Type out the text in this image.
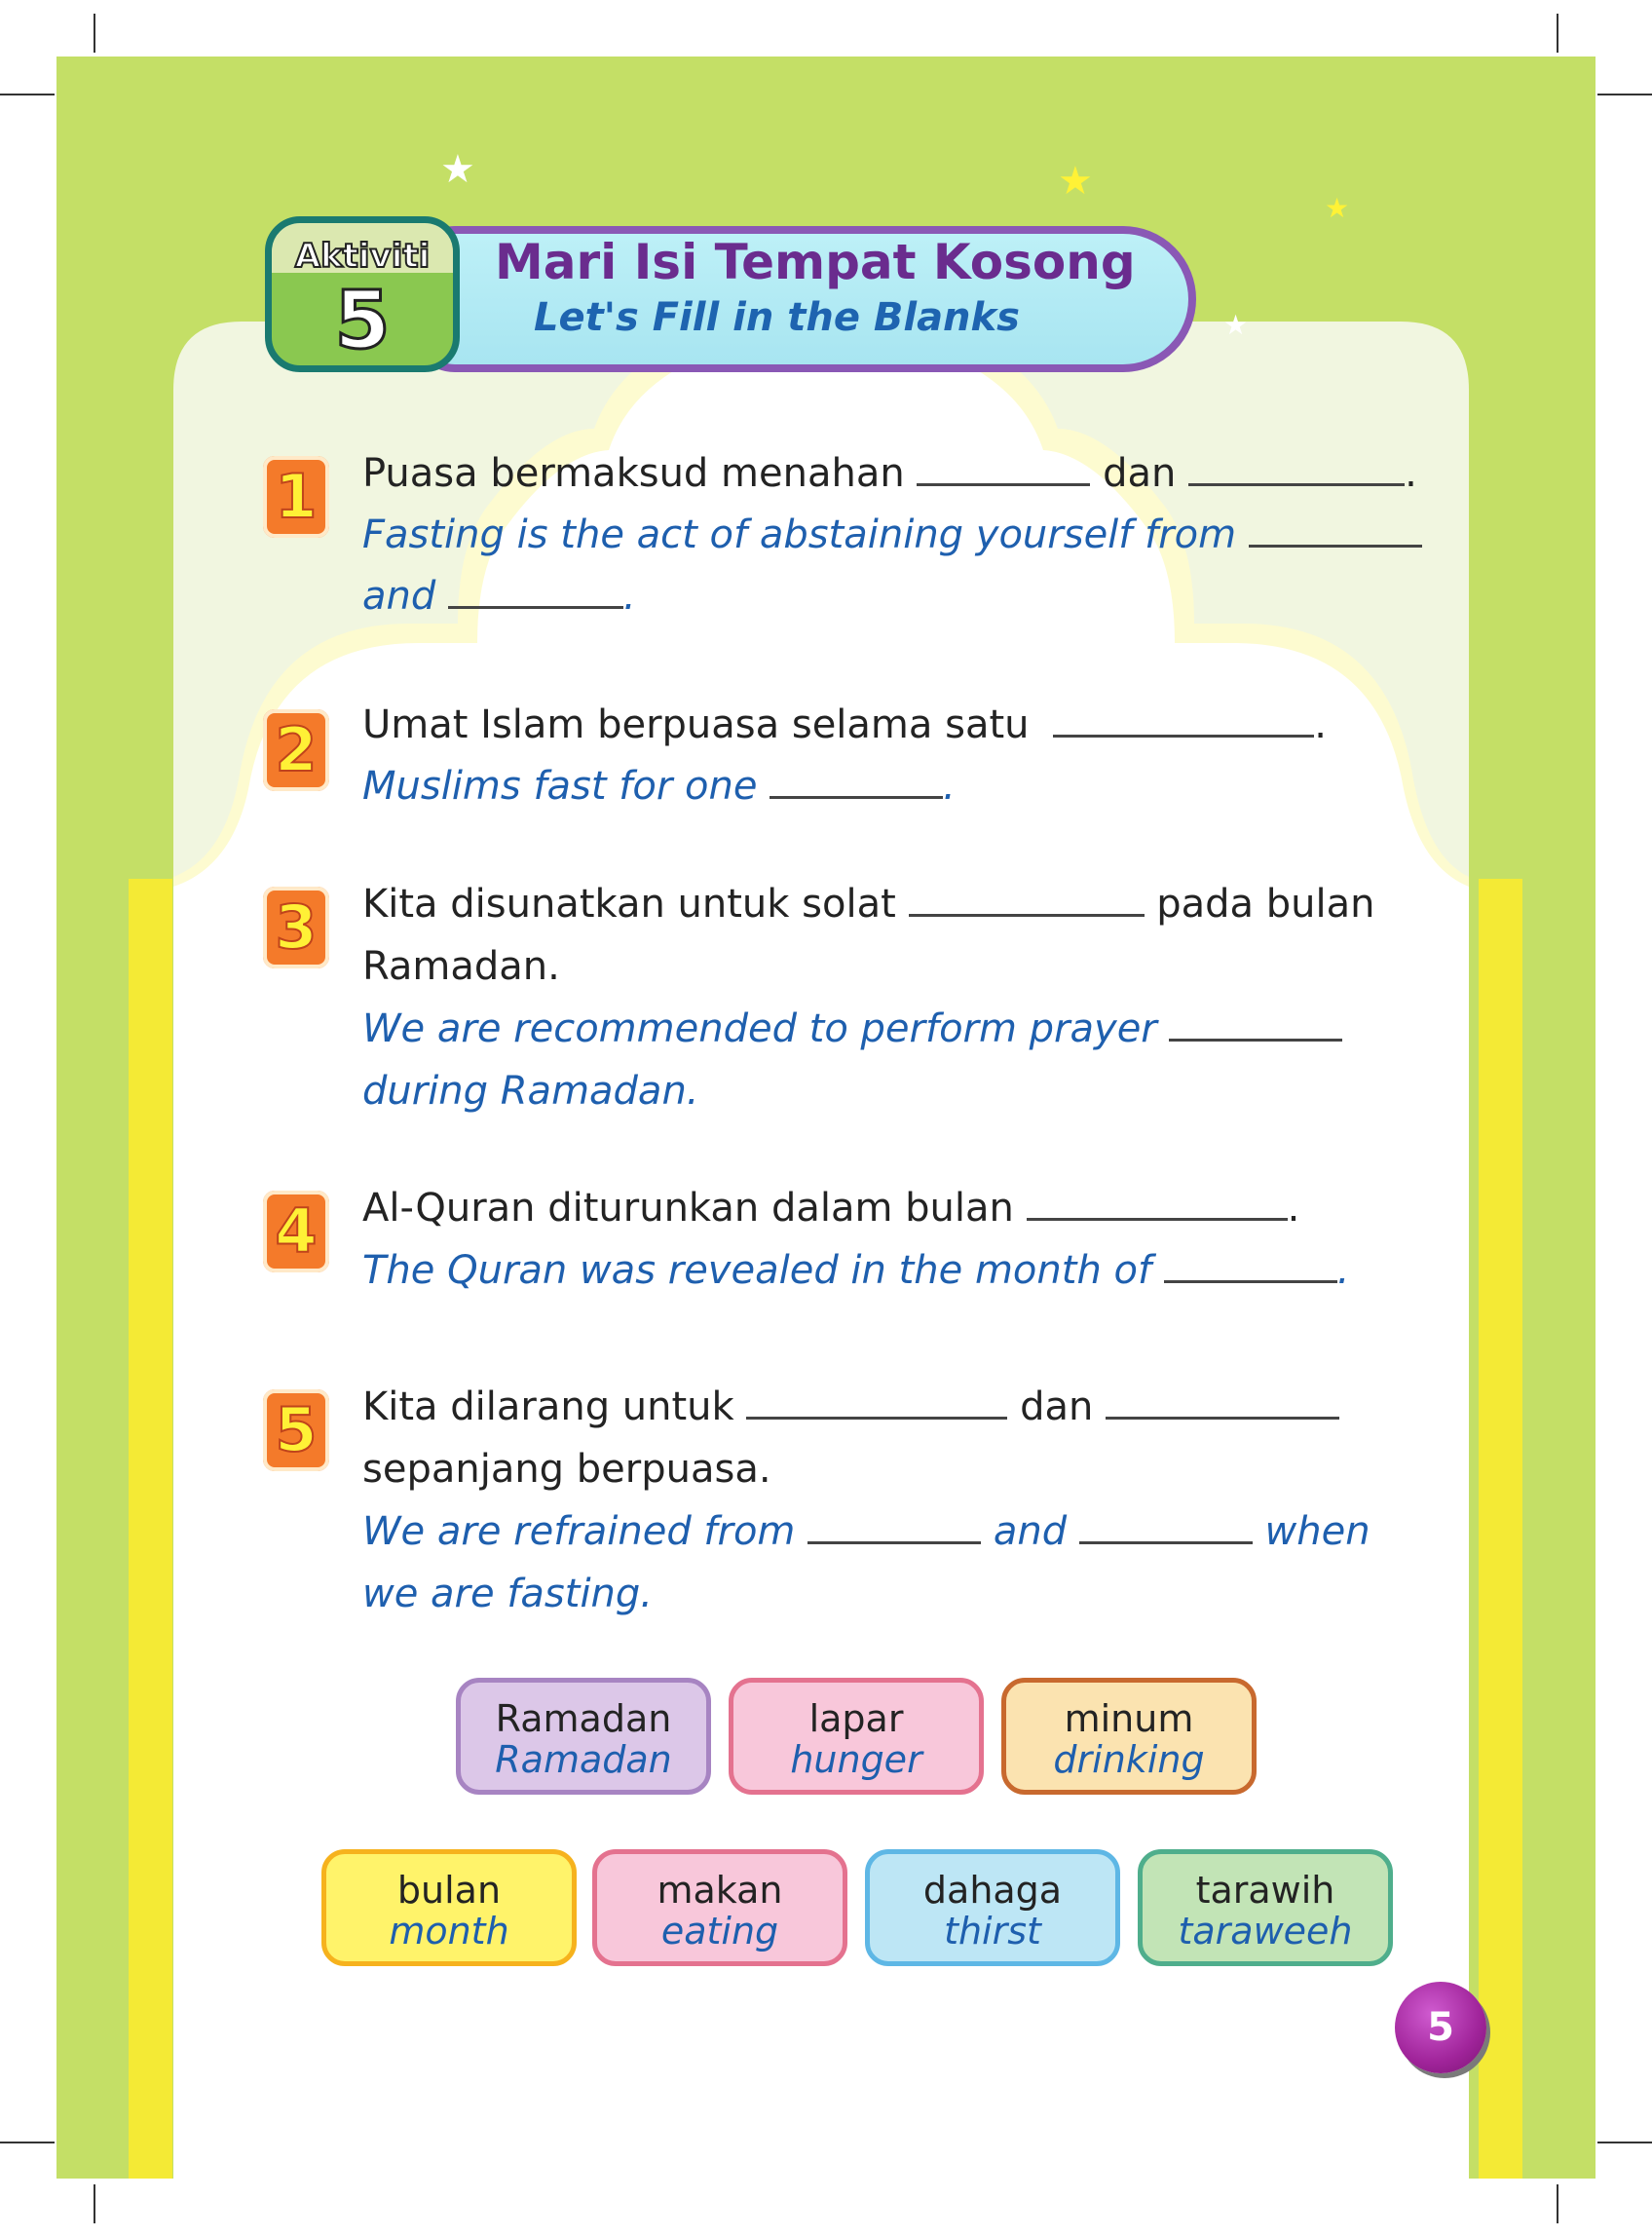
★	★
★
★
Mari Isi Tempat Kosong
Let's Fill in the Blanks
Aktiviti
5
1	Puasa bermaksud menahan	dan	.
Fasting is the act of abstaining yourself from
and	.
2	Umat Islam berpuasa selama satu	.
Muslims fast for one	.
3	Kita disunatkan untuk solat	pada bulan
Ramadan.
We are recommended to perform prayer
during Ramadan.
4	Al-Quran diturunkan dalam bulan	.
The Quran was revealed in the month of	.
5	Kita dilarang untuk	dan
sepanjang berpuasa.
We are refrained from	and	when
we are fasting.
Ramadan
Ramadan
lapar
hunger
minum
drinking
bulan
month
makan
eating
dahaga
thirst
tarawih
taraweeh
5
